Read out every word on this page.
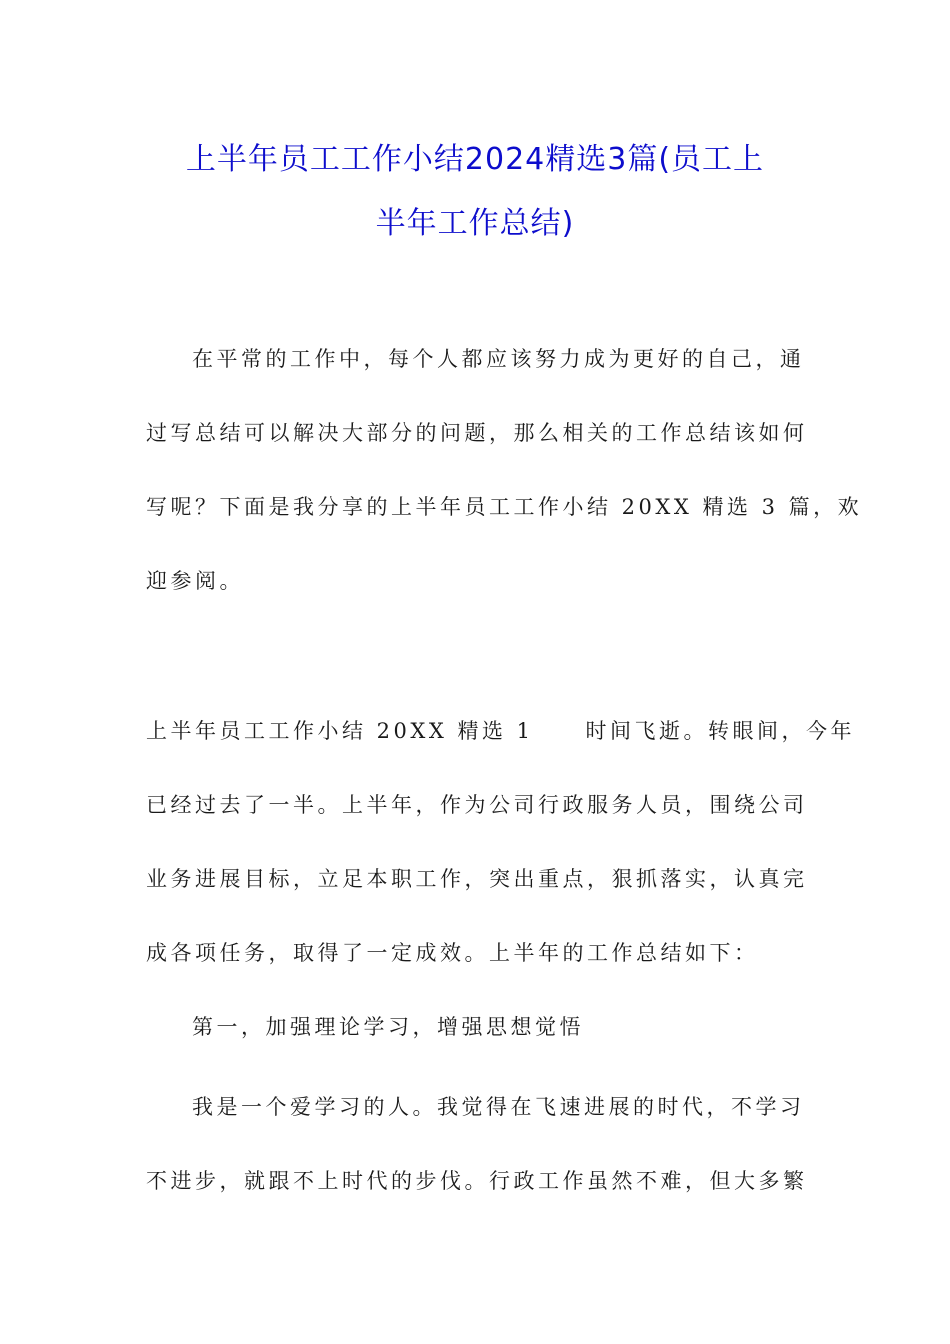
上半年员工工作小结2024精选3篇(员工上
半年工作总结)
在平常的工作中，每个人都应该努力成为更好的自己，通
过写总结可以解决大部分的问题，那么相关的工作总结该如何
写呢？下面是我分享的上半年员工工作小结 20XX 精选 3 篇，欢
迎参阅。
上半年员工工作小结 20XX 精选 1 时间飞逝。转眼间，今年
已经过去了一半。上半年，作为公司行政服务人员，围绕公司
业务进展目标，立足本职工作，突出重点，狠抓落实，认真完
成各项任务，取得了一定成效。上半年的工作总结如下：
第一，加强理论学习，增强思想觉悟
我是一个爱学习的人。我觉得在飞速进展的时代，不学习
不进步，就跟不上时代的步伐。行政工作虽然不难，但大多繁
